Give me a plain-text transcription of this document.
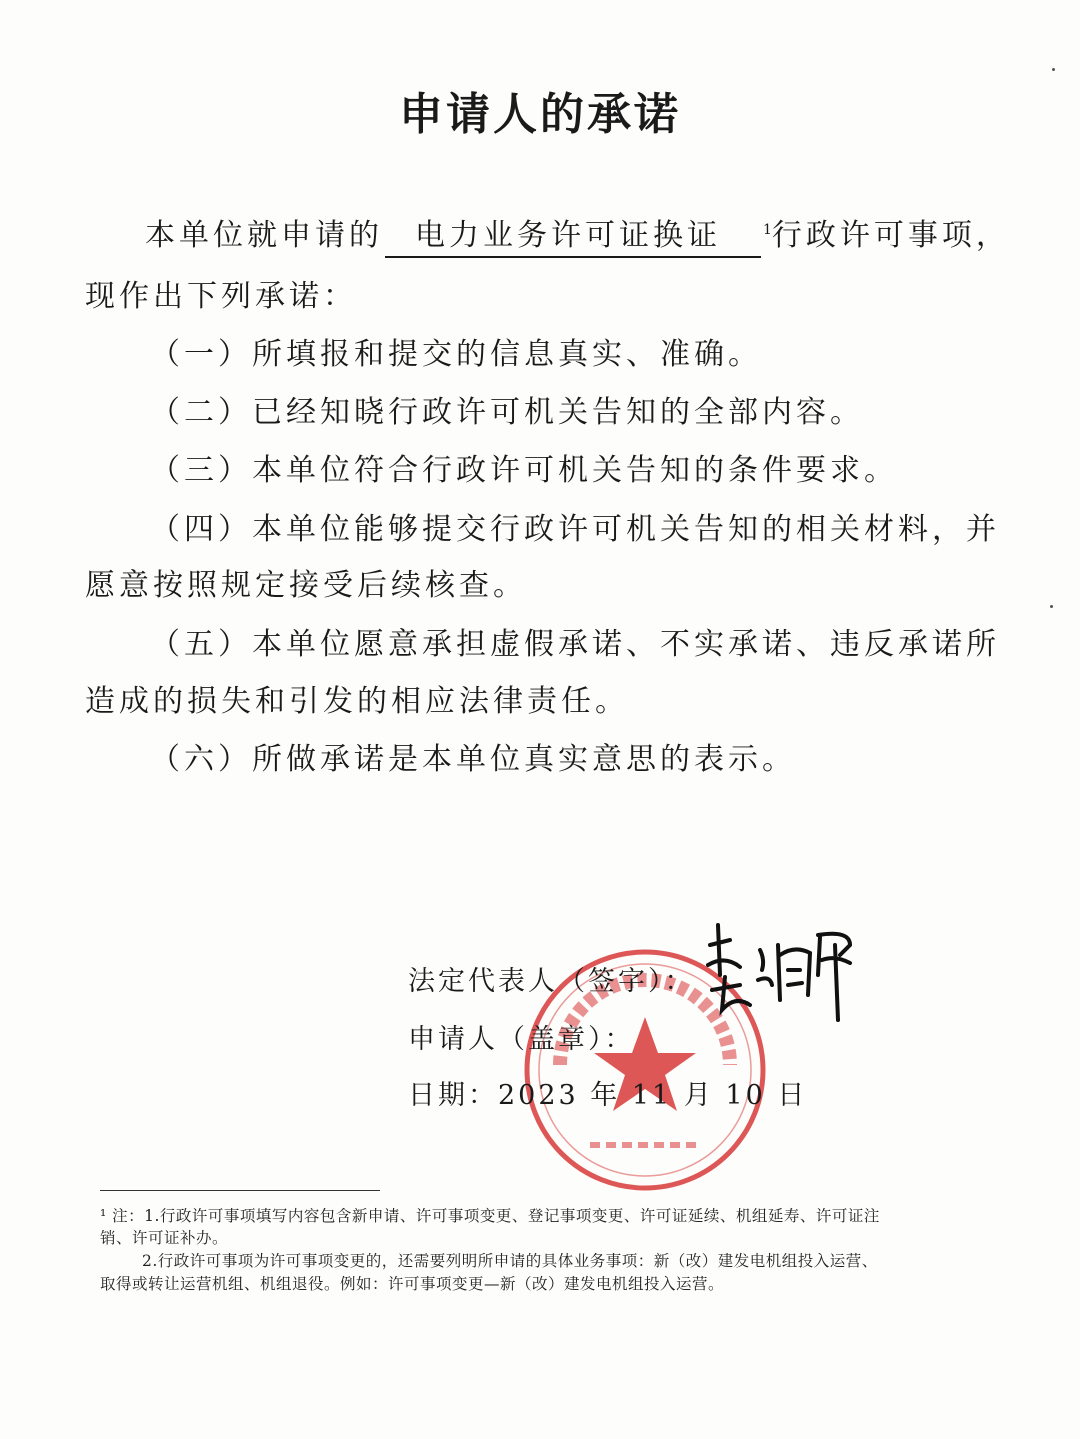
申请人的承诺
本单位就申请的 电力业务许可证换证	$^1$行政许可事项，
现作出下列承诺：
（一）所填报和提交的信息真实、准确。
（二）已经知晓行政许可机关告知的全部内容。
（三）本单位符合行政许可机关告知的条件要求。
（四）本单位能够提交行政许可机关告知的相关材料，并
愿意按照规定接受后续核查。
（五）本单位愿意承担虚假承诺、不实承诺、违反承诺所
造成的损失和引发的相应法律责任。
（六）所做承诺是本单位真实意思的表示。
法定代表人（签字）：
申请人（盖章）：
日期：2023 年 11 月 10 日
¹ 注：1.行政许可事项填写内容包含新申请、许可事项变更、登记事项变更、许可证延续、机组延寿、许可证注
销、许可证补办。
2.行政许可事项为许可事项变更的，还需要列明所申请的具体业务事项：新（改）建发电机组投入运营、
取得或转让运营机组、机组退役。例如：许可事项变更—新（改）建发电机组投入运营。
